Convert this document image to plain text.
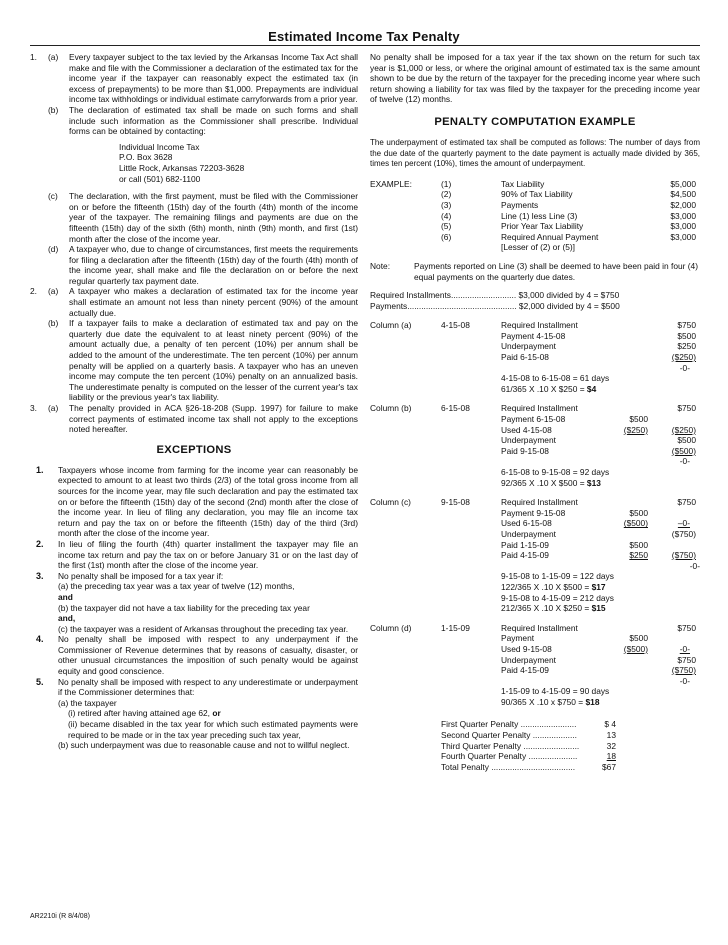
Estimated Income Tax Penalty
1.	(a)	Every taxpayer subject to the tax levied by the Arkansas Income Tax Act shall make and file with the Commissioner a declaration of the estimated tax for the income year if the taxpayer can reasonably expect the estimated tax (in excess of prepayments) to be more than $1,000. Prepayments are individual income tax withholdings or individual estimate carryforwards from a prior year.
(b)	The declaration of estimated tax shall be made on such forms and shall include such information as the Commissioner shall prescribe. Individual forms can be obtained by contacting:
Individual Income Tax
P.O. Box 3628
Little Rock, Arkansas 72203-3628
or call (501) 682-1100
(c)	The declaration, with the first payment, must be filed with the Commissioner on or before the fifteenth (15th) day of the fourth (4th) month of the income year of the taxpayer. The remaining filings and payments are due on the fifteenth (15th) day of the sixth (6th) month, ninth (9th) month, and first (1st) month after the close of the income year.
(d)	A taxpayer who, due to change of circumstances, first meets the requirements for filing a declaration after the fifteenth (15th) day of the fourth (4th) month of the income year, shall make and file the declaration on or before the next regular quarterly tax payment date.
2.	(a)	A taxpayer who makes a declaration of estimated tax for the income year shall estimate an amount not less than ninety percent (90%) of the amount actually due.
(b)	If a taxpayer fails to make a declaration of estimated tax and pay on the quarterly due date the equivalent to at least ninety percent (90%) of the amount actually due, a penalty of ten percent (10%) per annum shall be added to the amount of the underestimate. The ten percent (10%) per annum penalty will be applied on a quarterly basis. A taxpayer who has an uneven income may compute the ten percent (10%) penalty on an annualized basis. The underestimate penalty is computed on the lesser of the current year's tax liability or the previous year's tax liability.
3.	(a)	The penalty provided in ACA §26-18-208 (Supp. 1997) for failure to make correct payments of estimated income tax shall not apply to the exceptions noted hereafter.
EXCEPTIONS
1.	Taxpayers whose income from farming for the income year can reasonably be expected to amount to at least two thirds (2/3) of the total gross income from all sources for the income year, may file such declaration and pay the estimated tax on or before the fifteenth (15th) day of the second (2nd) month after the close of the income year. In lieu of filing any declaration, you may file an income tax return and pay the tax on or before the fifteenth (15th) day of the third (3rd) month after the close of the income year.
2.	In lieu of filing the fourth (4th) quarter installment the taxpayer may file an income tax return and pay the tax on or before January 31 or on the last day of the first (1st) month after the close of the income year.
3.	No penalty shall be imposed for a tax year if:
(a) the preceding tax year was a tax year of twelve (12) months,
and
(b) the taxpayer did not have a tax liability for the preceding tax year
and,
(c) the taxpayer was a resident of Arkansas throughout the preceding tax year.
4.	No penalty shall be imposed with respect to any underpayment if the Commissioner of Revenue determines that by reasons of casualty, disaster, or other unusual circumstances the imposition of such penalty would be against equity and good conscience.
5.	No penalty shall be imposed with respect to any underestimate or underpayment if the Commissioner determines that:
(a) the taxpayer
(i) retired after having attained age 62, or
(ii) became disabled in the tax year for which such estimated payments were required to be made or in the tax year preceding such tax year,
(b) such underpayment was due to reasonable cause and not to willful neglect.
No penalty shall be imposed for a tax year if the tax shown on the return for such tax year is $1,000 or less, or where the original amount of estimated tax is the same amount shown to be due by the return of the taxpayer for the preceding income year where such return showing a liability for tax was filed by the taxpayer for the preceding income year of twelve (12) months.
PENALTY COMPUTATION EXAMPLE
The underpayment of estimated tax shall be computed as follows: The number of days from the due date of the quarterly payment to the date payment is actually made divided by 365, times ten percent (10%), times the amount of underpayment.
EXAMPLE:	(1)	Tax Liability	$5,000
(2)	90% of Tax Liability	$4,500
(3)	Payments	$2,000
(4)	Line (1) less Line (3)	$3,000
(5)	Prior Year Tax Liability	$3,000
(6)	Required Annual Payment	$3,000
[Lesser of (2) or (5)]
Note:	Payments reported on Line (3) shall be deemed to have been paid in four (4) equal payments on the quarterly due dates.
Required Installments............................ $3,000 divided by 4 = $750
Payments............................................... $2,000 divided by 4 = $500
Column (a)	4-15-08	Required Installment	$750
Payment 4-15-08	$500
Underpayment	$250
Paid 6-15-08	($250)
-0-
4-15-08 to 6-15-08 = 61 days
61/365 X .10 X $250 = $4
Column (b)	6-15-08	Required Installment	$750
Payment 6-15-08	$500
Used 4-15-08	($250)	($250)
Underpayment	$500
Paid 9-15-08	($500)
-0-
6-15-08 to 9-15-08 = 92 days
92/365 X .10 X $500 = $13
Column (c)	9-15-08	Required Installment	$750
Payment 9-15-08	$500
Used 6-15-08	($500)	–0-
Underpayment	($750)
Paid 1-15-09	$500
Paid 4-15-09	$250	($750)
-0-
9-15-08 to 1-15-09 = 122 days
122/365 X .10 X $500 = $17
9-15-08 to 4-15-09 = 212 days
212/365 X .10 X $250 = $15
Column (d)	1-15-09	Required Installment	$750
Payment	$500
Used 9-15-08	($500)	-0-
Underpayment	$750
Paid 4-15-09	($750)
-0-
1-15-09 to 4-15-09 = 90 days
90/365 X .10 x $750 = $18
First Quarter Penalty ........................	$ 4
Second Quarter Penalty ...................	13
Third Quarter Penalty ........................	32
Fourth Quarter Penalty .....................	18
Total Penalty ....................................	$67
AR2210i (R 8/4/08)
